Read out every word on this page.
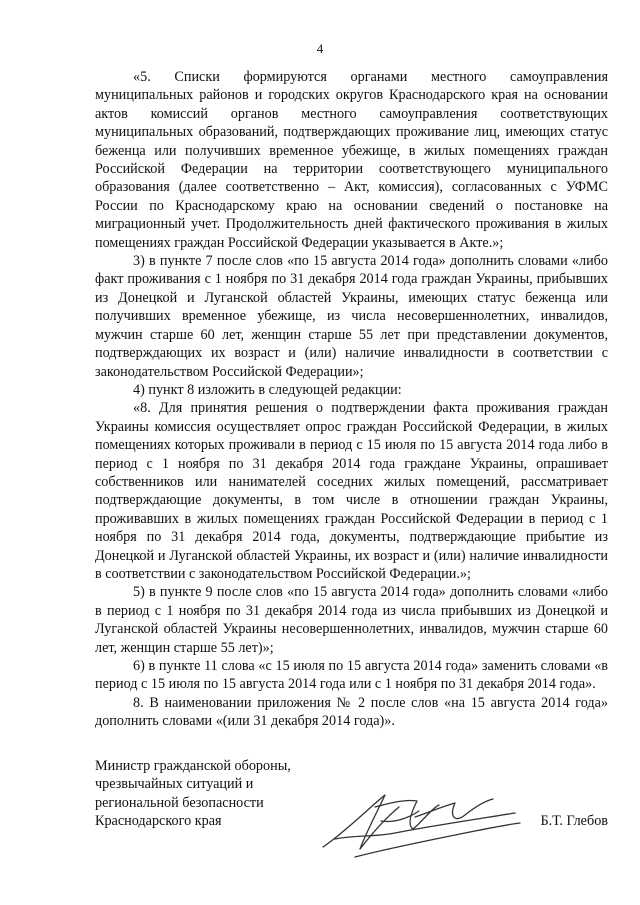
4

«5. Списки формируются органами местного самоуправления муниципальных районов и городских округов Краснодарского края на основании актов комиссий органов местного самоуправления соответствующих муниципальных образований, подтверждающих проживание лиц, имеющих статус беженца или получивших временное убежище, в жилых помещениях граждан Российской Федерации на территории соответствующего муниципального образования (далее соответственно – Акт, комиссия), согласованных с УФМС России по Краснодарскому краю на основании сведений о постановке на миграционный учет. Продолжительность дней фактического проживания в жилых помещениях граждан Российской Федерации указывается в Акте.»;

3) в пункте 7 после слов «по 15 августа 2014 года» дополнить словами «либо факт проживания с 1 ноября по 31 декабря 2014 года граждан Украины, прибывших из Донецкой и Луганской областей Украины, имеющих статус беженца или получивших временное убежище, из числа несовершеннолетних, инвалидов, мужчин старше 60 лет, женщин старше 55 лет при представлении документов, подтверждающих их возраст и (или) наличие инвалидности в соответствии с законодательством Российской Федерации»;

4) пункт 8 изложить в следующей редакции:

«8. Для принятия решения о подтверждении факта проживания граждан Украины комиссия осуществляет опрос граждан Российской Федерации, в жилых помещениях которых проживали в период с 15 июля по 15 августа 2014 года либо в период с 1 ноября по 31 декабря 2014 года граждане Украины, опрашивает собственников или нанимателей соседних жилых помещений, рассматривает подтверждающие документы, в том числе в отношении граждан Украины, проживавших в жилых помещениях граждан Российской Федерации в период с 1 ноября по 31 декабря 2014 года, документы, подтверждающие прибытие из Донецкой и Луганской областей Украины, их возраст и (или) наличие инвалидности в соответствии с законодательством Российской Федерации.»;

5) в пункте 9 после слов «по 15 августа 2014 года» дополнить словами «либо в период с 1 ноября по 31 декабря 2014 года из числа прибывших из Донецкой и Луганской областей Украины несовершеннолетних, инвалидов, мужчин старше 60 лет, женщин старше 55 лет)»;

6) в пункте 11 слова «с 15 июля по 15 августа 2014 года» заменить словами «в период с 15 июля по 15 августа 2014 года или с 1 ноября по 31 декабря 2014 года».

8. В наименовании приложения № 2 после слов «на 15 августа 2014 года» дополнить словами «(или 31 декабря 2014 года)».

Министр гражданской обороны,
чрезвычайных ситуаций и
региональной безопасности
Краснодарского края	Б.Т. Глебов
